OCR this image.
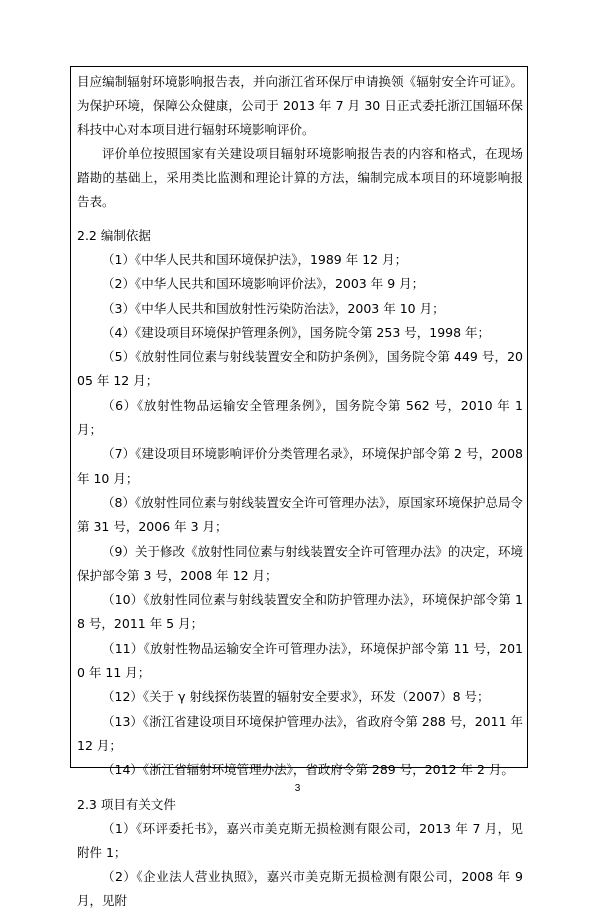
目应编制辐射环境影响报告表，并向浙江省环保厅申请换领《辐射安全许可证》。为保护环境，保障公众健康，公司于 2013 年 7 月 30 日正式委托浙江国辐环保科技中心对本项目进行辐射环境影响评价。

评价单位按照国家有关建设项目辐射环境影响报告表的内容和格式，在现场踏勘的基础上，采用类比监测和理论计算的方法，编制完成本项目的环境影响报告表。

2.2 编制依据

（1）《中华人民共和国环境保护法》，1989 年 12 月；

（2）《中华人民共和国环境影响评价法》，2003 年 9 月；

（3）《中华人民共和国放射性污染防治法》，2003 年 10 月；

（4）《建设项目环境保护管理条例》，国务院令第 253 号，1998 年；

（5）《放射性同位素与射线装置安全和防护条例》，国务院令第 449 号，2005 年 12 月；

（6）《放射性物品运输安全管理条例》，国务院令第 562 号，2010 年 1 月；

（7）《建设项目环境影响评价分类管理名录》，环境保护部令第 2 号，2008 年 10 月；

（8）《放射性同位素与射线装置安全许可管理办法》，原国家环境保护总局令第 31 号，2006 年 3 月；

（9）关于修改《放射性同位素与射线装置安全许可管理办法》的决定，环境保护部令第 3 号，2008 年 12 月；

（10）《放射性同位素与射线装置安全和防护管理办法》，环境保护部令第 18 号，2011 年 5 月；

（11）《放射性物品运输安全许可管理办法》，环境保护部令第 11 号，2010 年 11 月；

（12）《关于 γ 射线探伤装置的辐射安全要求》，环发（2007）8 号；

（13）《浙江省建设项目环境保护管理办法》，省政府令第 288 号，2011 年 12 月；

（14）《浙江省辐射环境管理办法》，省政府令第 289 号，2012 年 2 月。

2.3 项目有关文件

（1）《环评委托书》，嘉兴市美克斯无损检测有限公司，2013 年 7 月，见附件 1；

（2）《企业法人营业执照》，嘉兴市美克斯无损检测有限公司，2008 年 9 月，见附

3
